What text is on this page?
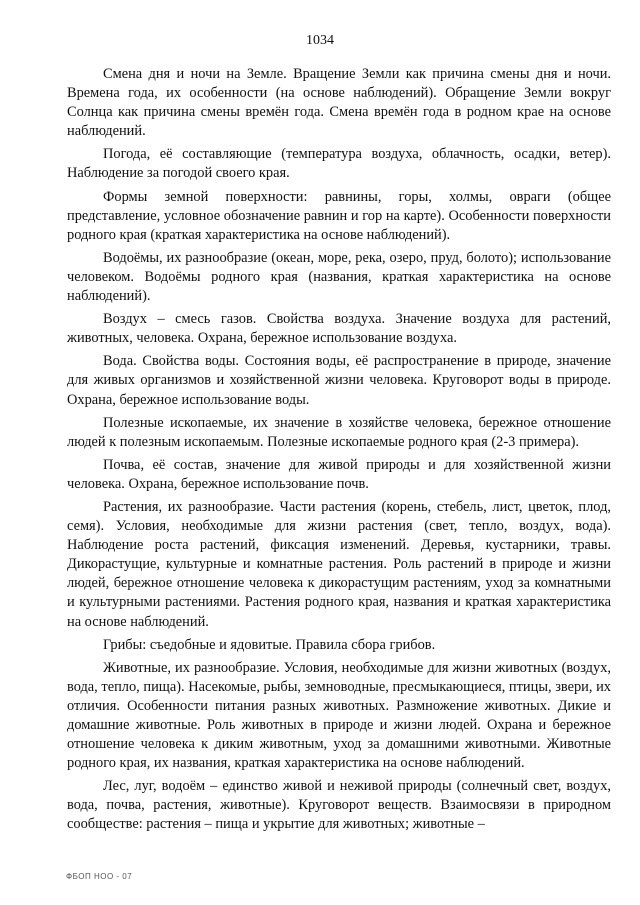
1034

Смена дня и ночи на Земле. Вращение Земли как причина смены дня и ночи. Времена года, их особенности (на основе наблюдений). Обращение Земли вокруг Солнца как причина смены времён года. Смена времён года в родном крае на основе наблюдений.

Погода, её составляющие (температура воздуха, облачность, осадки, ветер). Наблюдение за погодой своего края.

Формы земной поверхности: равнины, горы, холмы, овраги (общее представление, условное обозначение равнин и гор на карте). Особенности поверхности родного края (краткая характеристика на основе наблюдений).

Водоёмы, их разнообразие (океан, море, река, озеро, пруд, болото); использование человеком. Водоёмы родного края (названия, краткая характеристика на основе наблюдений).

Воздух – смесь газов. Свойства воздуха. Значение воздуха для растений, животных, человека. Охрана, бережное использование воздуха.

Вода. Свойства воды. Состояния воды, её распространение в природе, значение для живых организмов и хозяйственной жизни человека. Круговорот воды в природе. Охрана, бережное использование воды.

Полезные ископаемые, их значение в хозяйстве человека, бережное отношение людей к полезным ископаемым. Полезные ископаемые родного края (2-3 примера).

Почва, её состав, значение для живой природы и для хозяйственной жизни человека. Охрана, бережное использование почв.

Растения, их разнообразие. Части растения (корень, стебель, лист, цветок, плод, семя). Условия, необходимые для жизни растения (свет, тепло, воздух, вода). Наблюдение роста растений, фиксация изменений. Деревья, кустарники, травы. Дикорастущие, культурные и комнатные растения. Роль растений в природе и жизни людей, бережное отношение человека к дикорастущим растениям, уход за комнатными и культурными растениями. Растения родного края, названия и краткая характеристика на основе наблюдений.

Грибы: съедобные и ядовитые. Правила сбора грибов.

Животные, их разнообразие. Условия, необходимые для жизни животных (воздух, вода, тепло, пища). Насекомые, рыбы, земноводные, пресмыкающиеся, птицы, звери, их отличия. Особенности питания разных животных. Размножение животных. Дикие и домашние животные. Роль животных в природе и жизни людей. Охрана и бережное отношение человека к диким животным, уход за домашними животными. Животные родного края, их названия, краткая характеристика на основе наблюдений.

Лес, луг, водоём – единство живой и неживой природы (солнечный свет, воздух, вода, почва, растения, животные). Круговорот веществ. Взаимосвязи в природном сообществе: растения – пища и укрытие для животных; животные –

ФБОП НОО - 07
